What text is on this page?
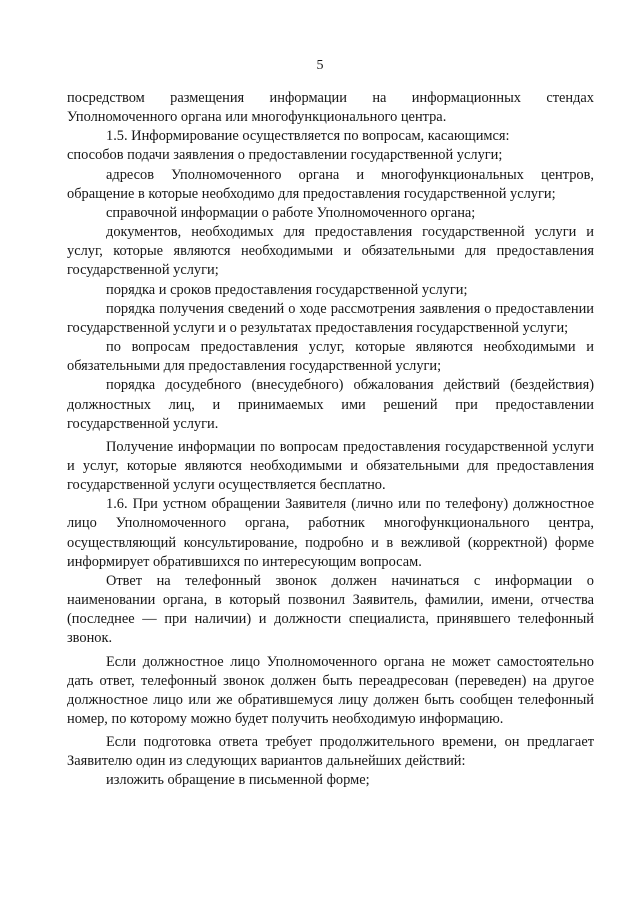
5

посредством размещения информации на информационных стендах Уполномоченного органа или многофункционального центра.

1.5. Информирование осуществляется по вопросам, касающимся:

способов подачи заявления о предоставлении государственной услуги;

адресов Уполномоченного органа и многофункциональных центров, обращение в которые необходимо для предоставления государственной услуги;

справочной информации о работе Уполномоченного органа;

документов, необходимых для предоставления государственной услуги и услуг, которые являются необходимыми и обязательными для предоставления государственной услуги;

порядка и сроков предоставления государственной услуги;

порядка получения сведений о ходе рассмотрения заявления о предоставлении государственной услуги и о результатах предоставления государственной услуги;

по вопросам предоставления услуг, которые являются необходимыми и обязательными для предоставления государственной услуги;

порядка досудебного (внесудебного) обжалования действий (бездействия) должностных лиц, и принимаемых ими решений при предоставлении государственной услуги.

Получение информации по вопросам предоставления государственной услуги и услуг, которые являются необходимыми и обязательными для предоставления государственной услуги осуществляется бесплатно.

1.6. При устном обращении Заявителя (лично или по телефону) должностное лицо Уполномоченного органа, работник многофункционального центра, осуществляющий консультирование, подробно и в вежливой (корректной) форме информирует обратившихся по интересующим вопросам.

Ответ на телефонный звонок должен начинаться с информации о наименовании органа, в который позвонил Заявитель, фамилии, имени, отчества (последнее — при наличии) и должности специалиста, принявшего телефонный звонок.

Если должностное лицо Уполномоченного органа не может самостоятельно дать ответ, телефонный звонок должен быть переадресован (переведен) на другое должностное лицо или же обратившемуся лицу должен быть сообщен телефонный номер, по которому можно будет получить необходимую информацию.

Если подготовка ответа требует продолжительного времени, он предлагает Заявителю один из следующих вариантов дальнейших действий:

изложить обращение в письменной форме;
